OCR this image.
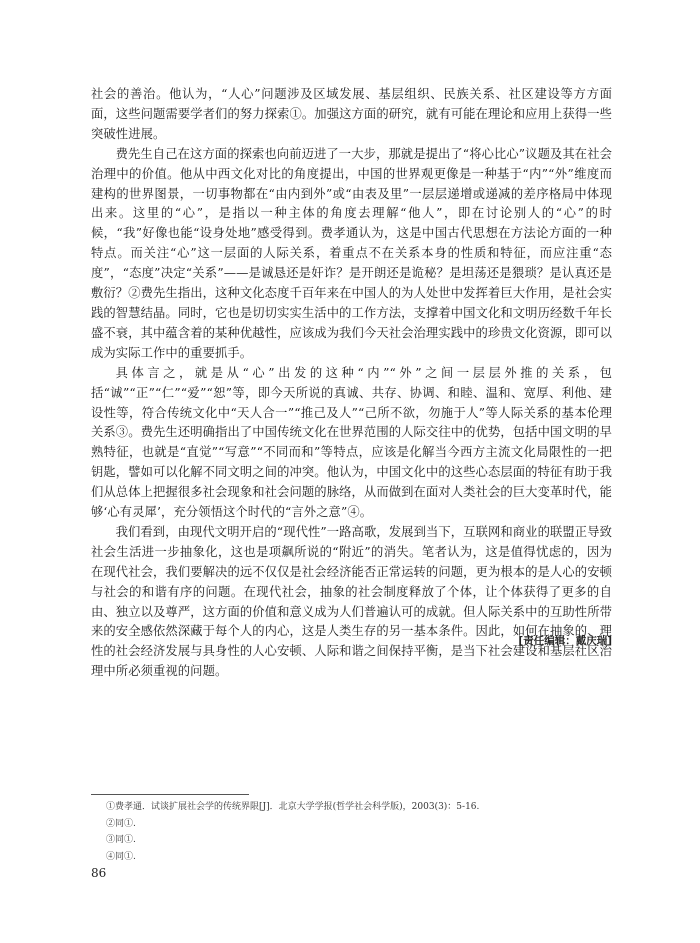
社会的善治。他认为，“人心”问题涉及区域发展、基层组织、民族关系、社区建设等方方面面，这些问题需要学者们的努力探索①。加强这方面的研究，就有可能在理论和应用上获得一些突破性进展。

费先生自己在这方面的探索也向前迈进了一大步，那就是提出了“将心比心”议题及其在社会治理中的价值。他从中西文化对比的角度提出，中国的世界观更像是一种基于“内”“外”维度而建构的世界图景，一切事物都在“由内到外”或“由表及里”一层层递增或递减的差序格局中体现出来。这里的“心”，是指以一种主体的角度去理解“他人”，即在讨论别人的“心”的时候，“我”好像也能“设身处地”感受得到。费孝通认为，这是中国古代思想在方法论方面的一种特点。而关注“心”这一层面的人际关系，着重点不在关系本身的性质和特征，而应注重“态度”，“态度”决定“关系”——是诚恳还是奸诈？是开朗还是诡秘？是坦荡还是猥琐？是认真还是敷衍？②费先生指出，这种文化态度千百年来在中国人的为人处世中发挥着巨大作用，是社会实践的智慧结晶。同时，它也是切切实实生活中的工作方法，支撑着中国文化和文明历经数千年长盛不衰，其中蕴含着的某种优越性，应该成为我们今天社会治理实践中的珍贵文化资源，即可以成为实际工作中的重要抓手。

具体言之，就是从“心”出发的这种“内”“外”之间一层层外推的关系，包括“诚”“正”“仁”“爱”“恕”等，即今天所说的真诚、共存、协调、和睦、温和、宽厚、利他、建设性等，符合传统文化中“天人合一”“推己及人”“己所不欲，勿施于人”等人际关系的基本伦理关系③。费先生还明确指出了中国传统文化在世界范围的人际交往中的优势，包括中国文明的早熟特征，也就是“直觉”“写意”“不同而和”等特点，应该是化解当今西方主流文化局限性的一把钥匙，譬如可以化解不同文明之间的冲突。他认为，中国文化中的这些心态层面的特征有助于我们从总体上把握很多社会现象和社会问题的脉络，从而做到在面对人类社会的巨大变革时代，能够‘心有灵犀’，充分领悟这个时代的“言外之意”④。

我们看到，由现代文明开启的“现代性”一路高歌，发展到当下，互联网和商业的联盟正导致社会生活进一步抽象化，这也是项飙所说的“附近”的消失。笔者认为，这是值得忧虑的，因为在现代社会，我们要解决的远不仅仅是社会经济能否正常运转的问题，更为根本的是人心的安顿与社会的和谐有序的问题。在现代社会，抽象的社会制度释放了个体，让个体获得了更多的自由、独立以及尊严，这方面的价值和意义成为人们普遍认可的成就。但人际关系中的互助性所带来的安全感依然深藏于每个人的内心，这是人类生存的另一基本条件。因此，如何在抽象的、理性的社会经济发展与具身性的人心安顿、人际和谐之间保持平衡，是当下社会建设和基层社区治理中所必须重视的问题。

[责任编辑：戴庆瑞]
①费孝通．试谈扩展社会学的传统界限[J]．北京大学学报(哲学社会科学版)，2003(3)：5-16.
②同①.
③同①.
④同①.
86
